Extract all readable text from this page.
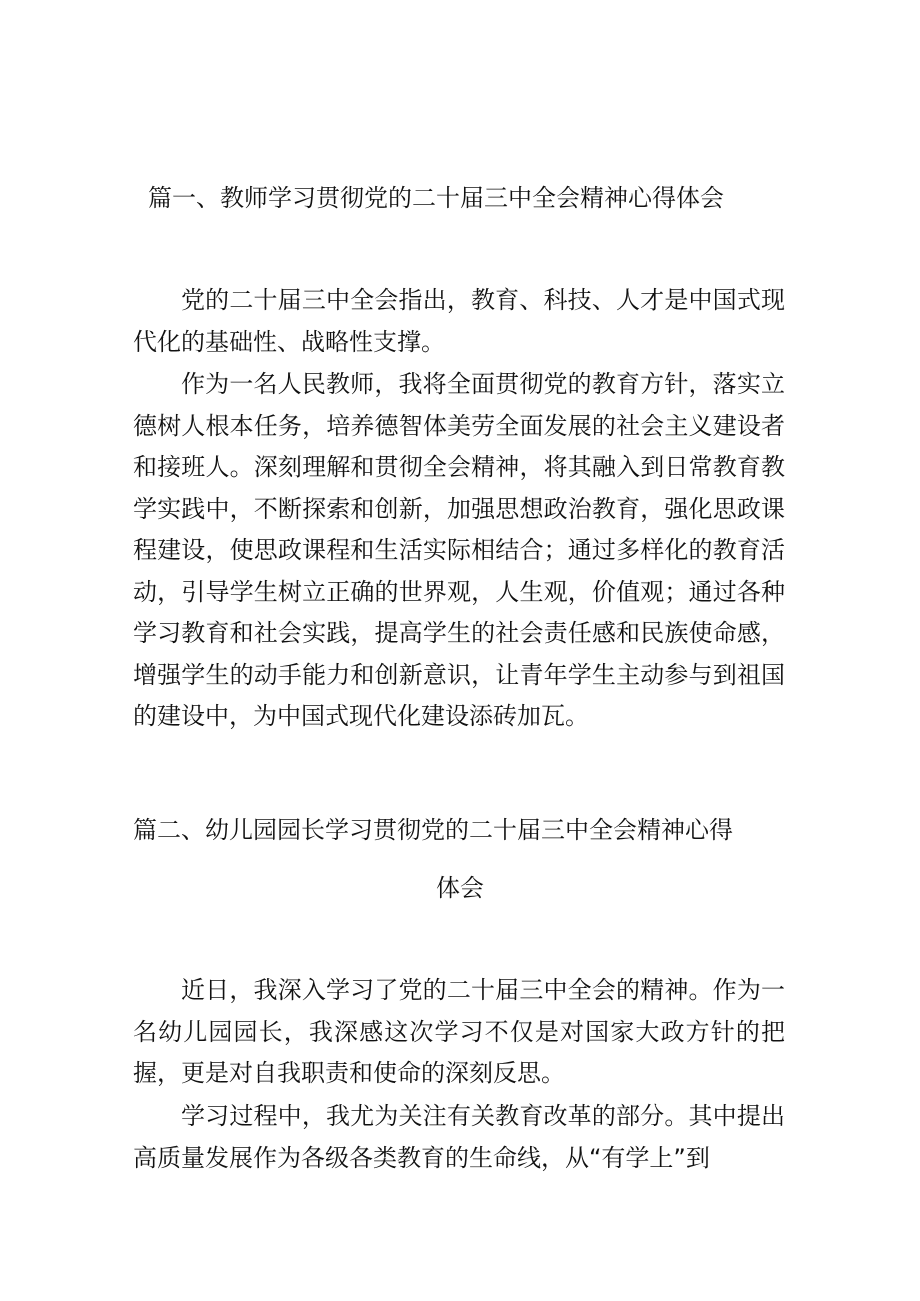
篇一、教师学习贯彻党的二十届三中全会精神心得体会

党的二十届三中全会指出，教育、科技、人才是中国式现代化的基础性、战略性支撑。

作为一名人民教师，我将全面贯彻党的教育方针，落实立德树人根本任务，培养德智体美劳全面发展的社会主义建设者和接班人。深刻理解和贯彻全会精神，将其融入到日常教育教学实践中，不断探索和创新，加强思想政治教育，强化思政课程建设，使思政课程和生活实际相结合；通过多样化的教育活动，引导学生树立正确的世界观，人生观，价值观；通过各种学习教育和社会实践，提高学生的社会责任感和民族使命感，增强学生的动手能力和创新意识，让青年学生主动参与到祖国的建设中，为中国式现代化建设添砖加瓦。

篇二、幼儿园园长学习贯彻党的二十届三中全会精神心得
体会

近日，我深入学习了党的二十届三中全会的精神。作为一名幼儿园园长，我深感这次学习不仅是对国家大政方针的把握，更是对自我职责和使命的深刻反思。

学习过程中，我尤为关注有关教育改革的部分。其中提出高质量发展作为各级各类教育的生命线，从“有学上”到
